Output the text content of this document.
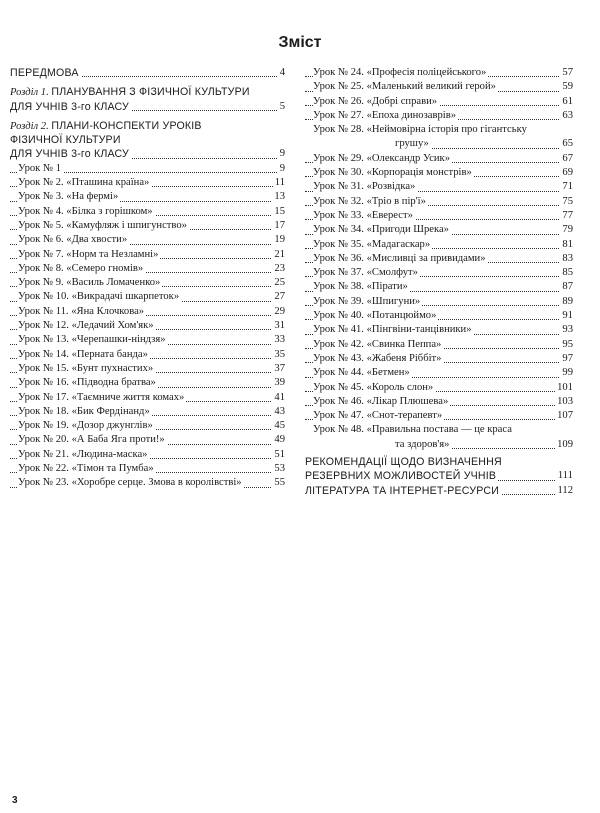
Зміст
ПЕРЕДМОВА	4
Розділ 1. ПЛАНУВАННЯ З ФІЗИЧНОЇ КУЛЬТУРИ
ДЛЯ УЧНІВ 3-го КЛАСУ	5
Розділ 2. ПЛАНИ-КОНСПЕКТИ УРОКІВ
ФІЗИЧНОЇ КУЛЬТУРИ
ДЛЯ УЧНІВ 3-го КЛАСУ	9
Урок № 1	9
Урок № 2. «Пташина країна»	11
Урок № 3. «На фермі»	13
Урок № 4. «Білка з горішком»	15
Урок № 5. «Камуфляж і шпигунство»	17
Урок № 6. «Два хвости»	19
Урок № 7. «Норм та Незламні»	21
Урок № 8. «Семеро гномів»	23
Урок № 9. «Василь Ломаченко»	25
Урок № 10. «Викрадачі шкарпеток»	27
Урок № 11. «Яна Клочкова»	29
Урок № 12. «Ледачий Хом'як»	31
Урок № 13. «Черепашки-ніндзя»	33
Урок № 14. «Перната банда»	35
Урок № 15. «Бунт пухнастих»	37
Урок № 16. «Підводна братва»	39
Урок № 17. «Таємниче життя комах»	41
Урок № 18. «Бик Фердінанд»	43
Урок № 19. «Дозор джунглів»	45
Урок № 20. «А Баба Яга проти!»	49
Урок № 21. «Людина-маска»	51
Урок № 22. «Тімон та Пумба»	53
Урок № 23. «Хоробре серце. Змова в королівстві»	55
Урок № 24. «Професія поліцейського»	57
Урок № 25. «Маленький великий герой»	59
Урок № 26. «Добрі справи»	61
Урок № 27. «Епоха динозаврів»	63
Урок № 28. «Неймовірна історія про гігантську
грушу»	65
Урок № 29. «Олександр Усик»	67
Урок № 30. «Корпорація монстрів»	69
Урок № 31. «Розвідка»	71
Урок № 32. «Тріо в пір'ї»	75
Урок № 33. «Еверест»	77
Урок № 34. «Пригоди Шрека»	79
Урок № 35. «Мадагаскар»	81
Урок № 36. «Мисливці за привидами»	83
Урок № 37. «Смолфут»	85
Урок № 38. «Пірати»	87
Урок № 39. «Шпигуни»	89
Урок № 40. «Потанцюймо»	91
Урок № 41. «Пінгвіни-танцівники»	93
Урок № 42. «Свинка Пеппа»	95
Урок № 43. «Жабеня Ріббіт»	97
Урок № 44. «Бетмен»	99
Урок № 45. «Король слон»	101
Урок № 46. «Лікар Плюшева»	103
Урок № 47. «Снот-терапевт»	107
Урок № 48. «Правильна постава — це краса
та здоров'я»	109
РЕКОМЕНДАЦІЇ ЩОДО ВИЗНАЧЕННЯ
РЕЗЕРВНИХ МОЖЛИВОСТЕЙ УЧНІВ	111
ЛІТЕРАТУРА ТА ІНТЕРНЕТ-РЕСУРСИ	112
3
